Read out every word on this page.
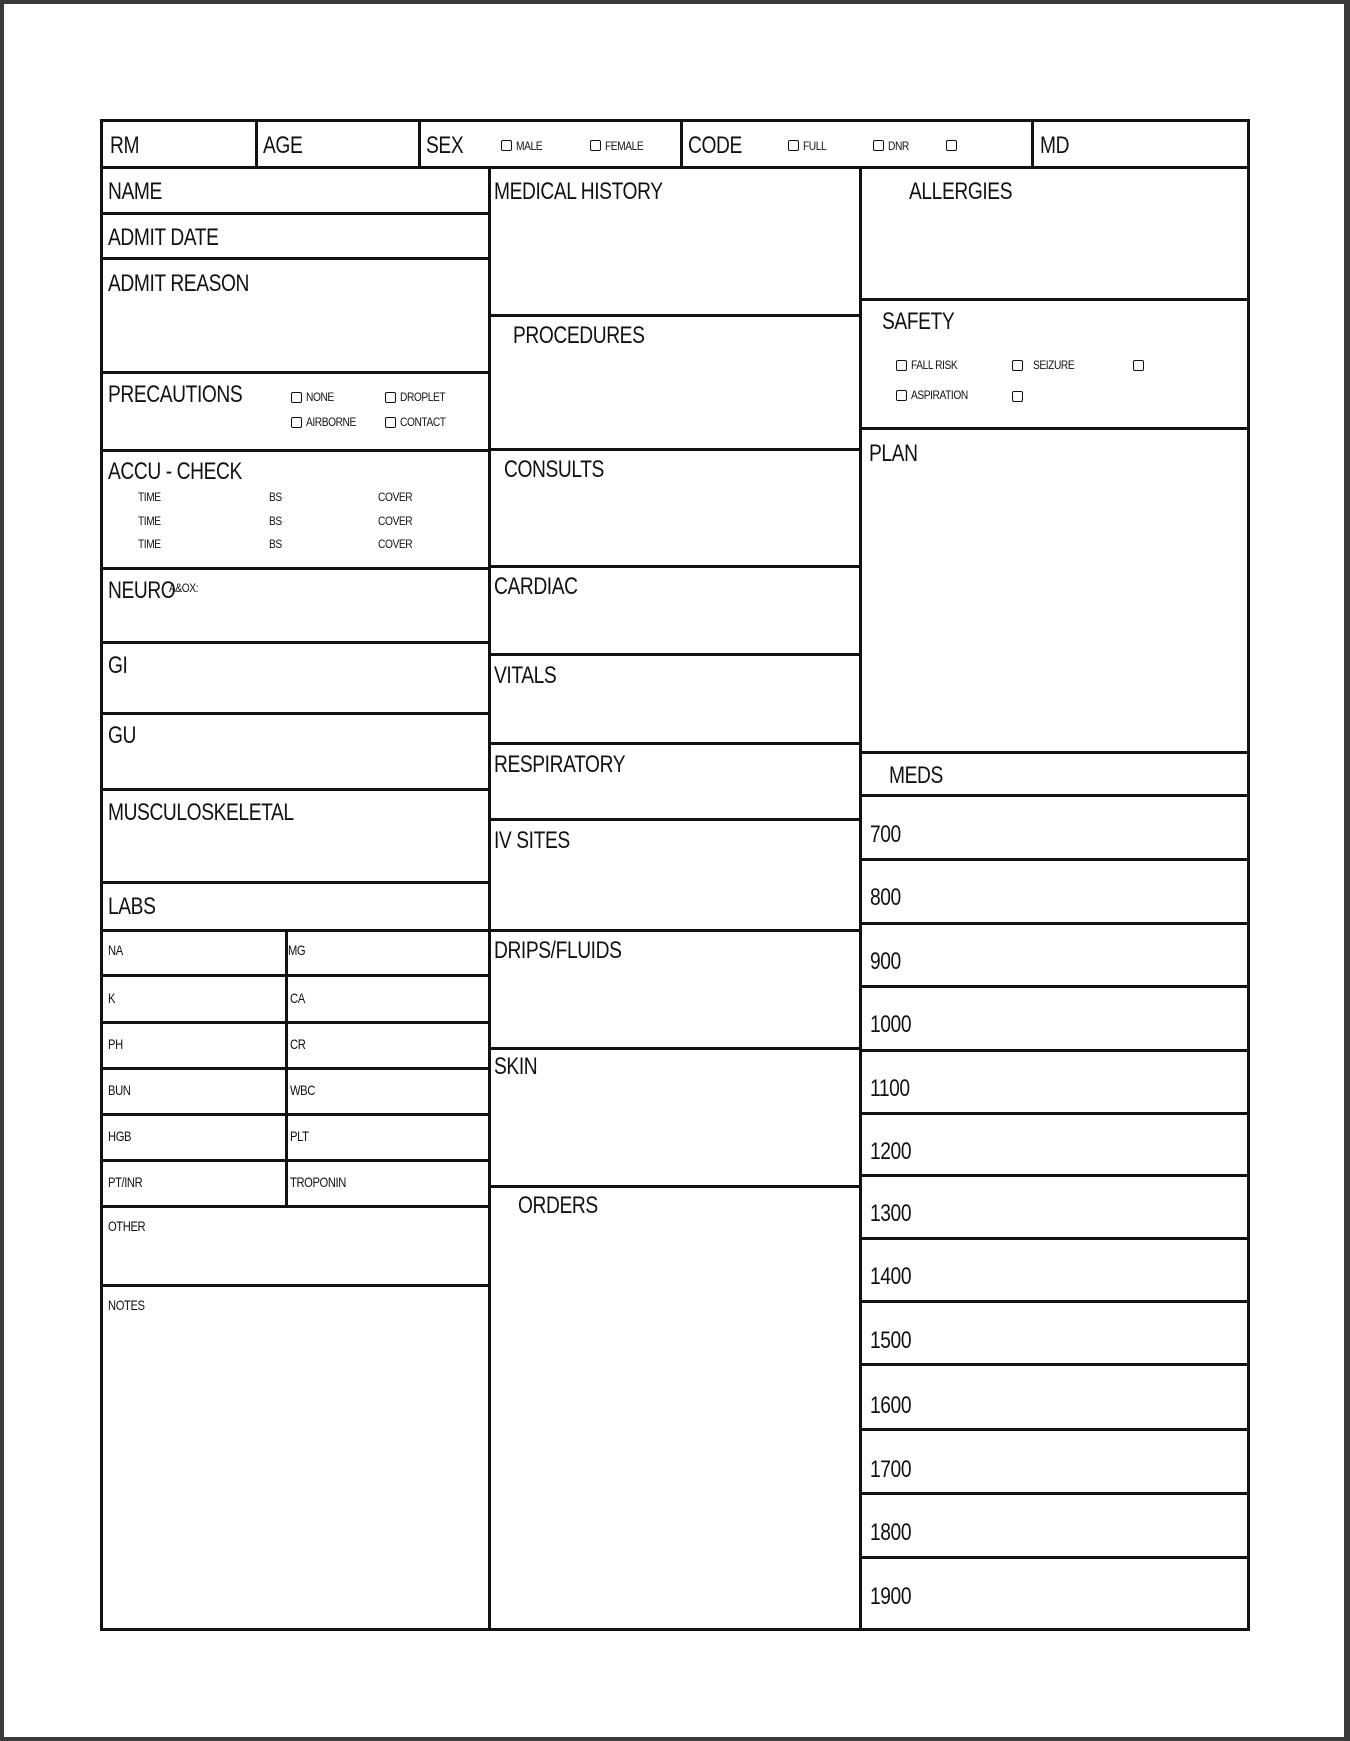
RM	AGE	SEX	MALE	FEMALE CODE	FULL	DNR	MD
NAME
ADMIT DATE
ADMIT REASON
PRECAUTIONS	NONE	DROPLET
AIRBORNE	CONTACT
ACCU - CHECK
TIME	BS	COVER
TIME	BS	COVER
TIME	BS	COVER
NEURO
A&OX:
GI
GU
MUSCULOSKELETAL
LABS
NA	MG
K	CA
PH	CR
BUN	WBC
HGB	PLT
PT/INR	TROPONIN
OTHER
NOTES
MEDICAL HISTORY
PROCEDURES
CONSULTS
CARDIAC
VITALS
RESPIRATORY
IV SITES
DRIPS/FLUIDS
SKIN
ORDERS
ALLERGIES
SAFETY
FALL RISK	SEIZURE
ASPIRATION
PLAN
MEDS
700
800
900
1000
1100
1200
1300
1400
1500
1600
1700
1800
1900
